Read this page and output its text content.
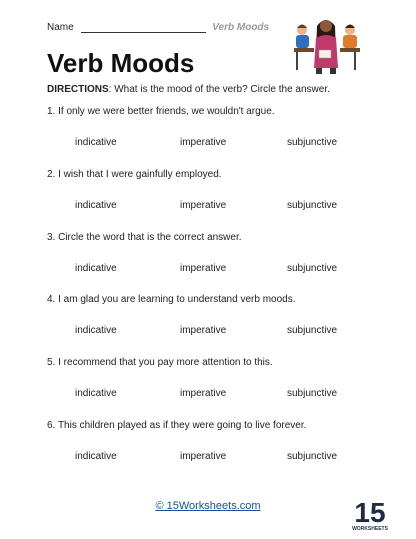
Name	Verb Moods
Verb Moods
DIRECTIONS: What is the mood of the verb? Circle the answer.
1. If only we were better friends, we wouldn't argue.
indicative	imperative	subjunctive
2. I wish that I were gainfully employed.
indicative	imperative	subjunctive
3. Circle the word that is the correct answer.
indicative	imperative	subjunctive
4. I am glad you are learning to understand verb moods.
indicative	imperative	subjunctive
5. I recommend that you pay more attention to this.
indicative	imperative	subjunctive
6. This children played as if they were going to live forever.
indicative	imperative	subjunctive
© 15Worksheets.com	15
WORKSHEETS
